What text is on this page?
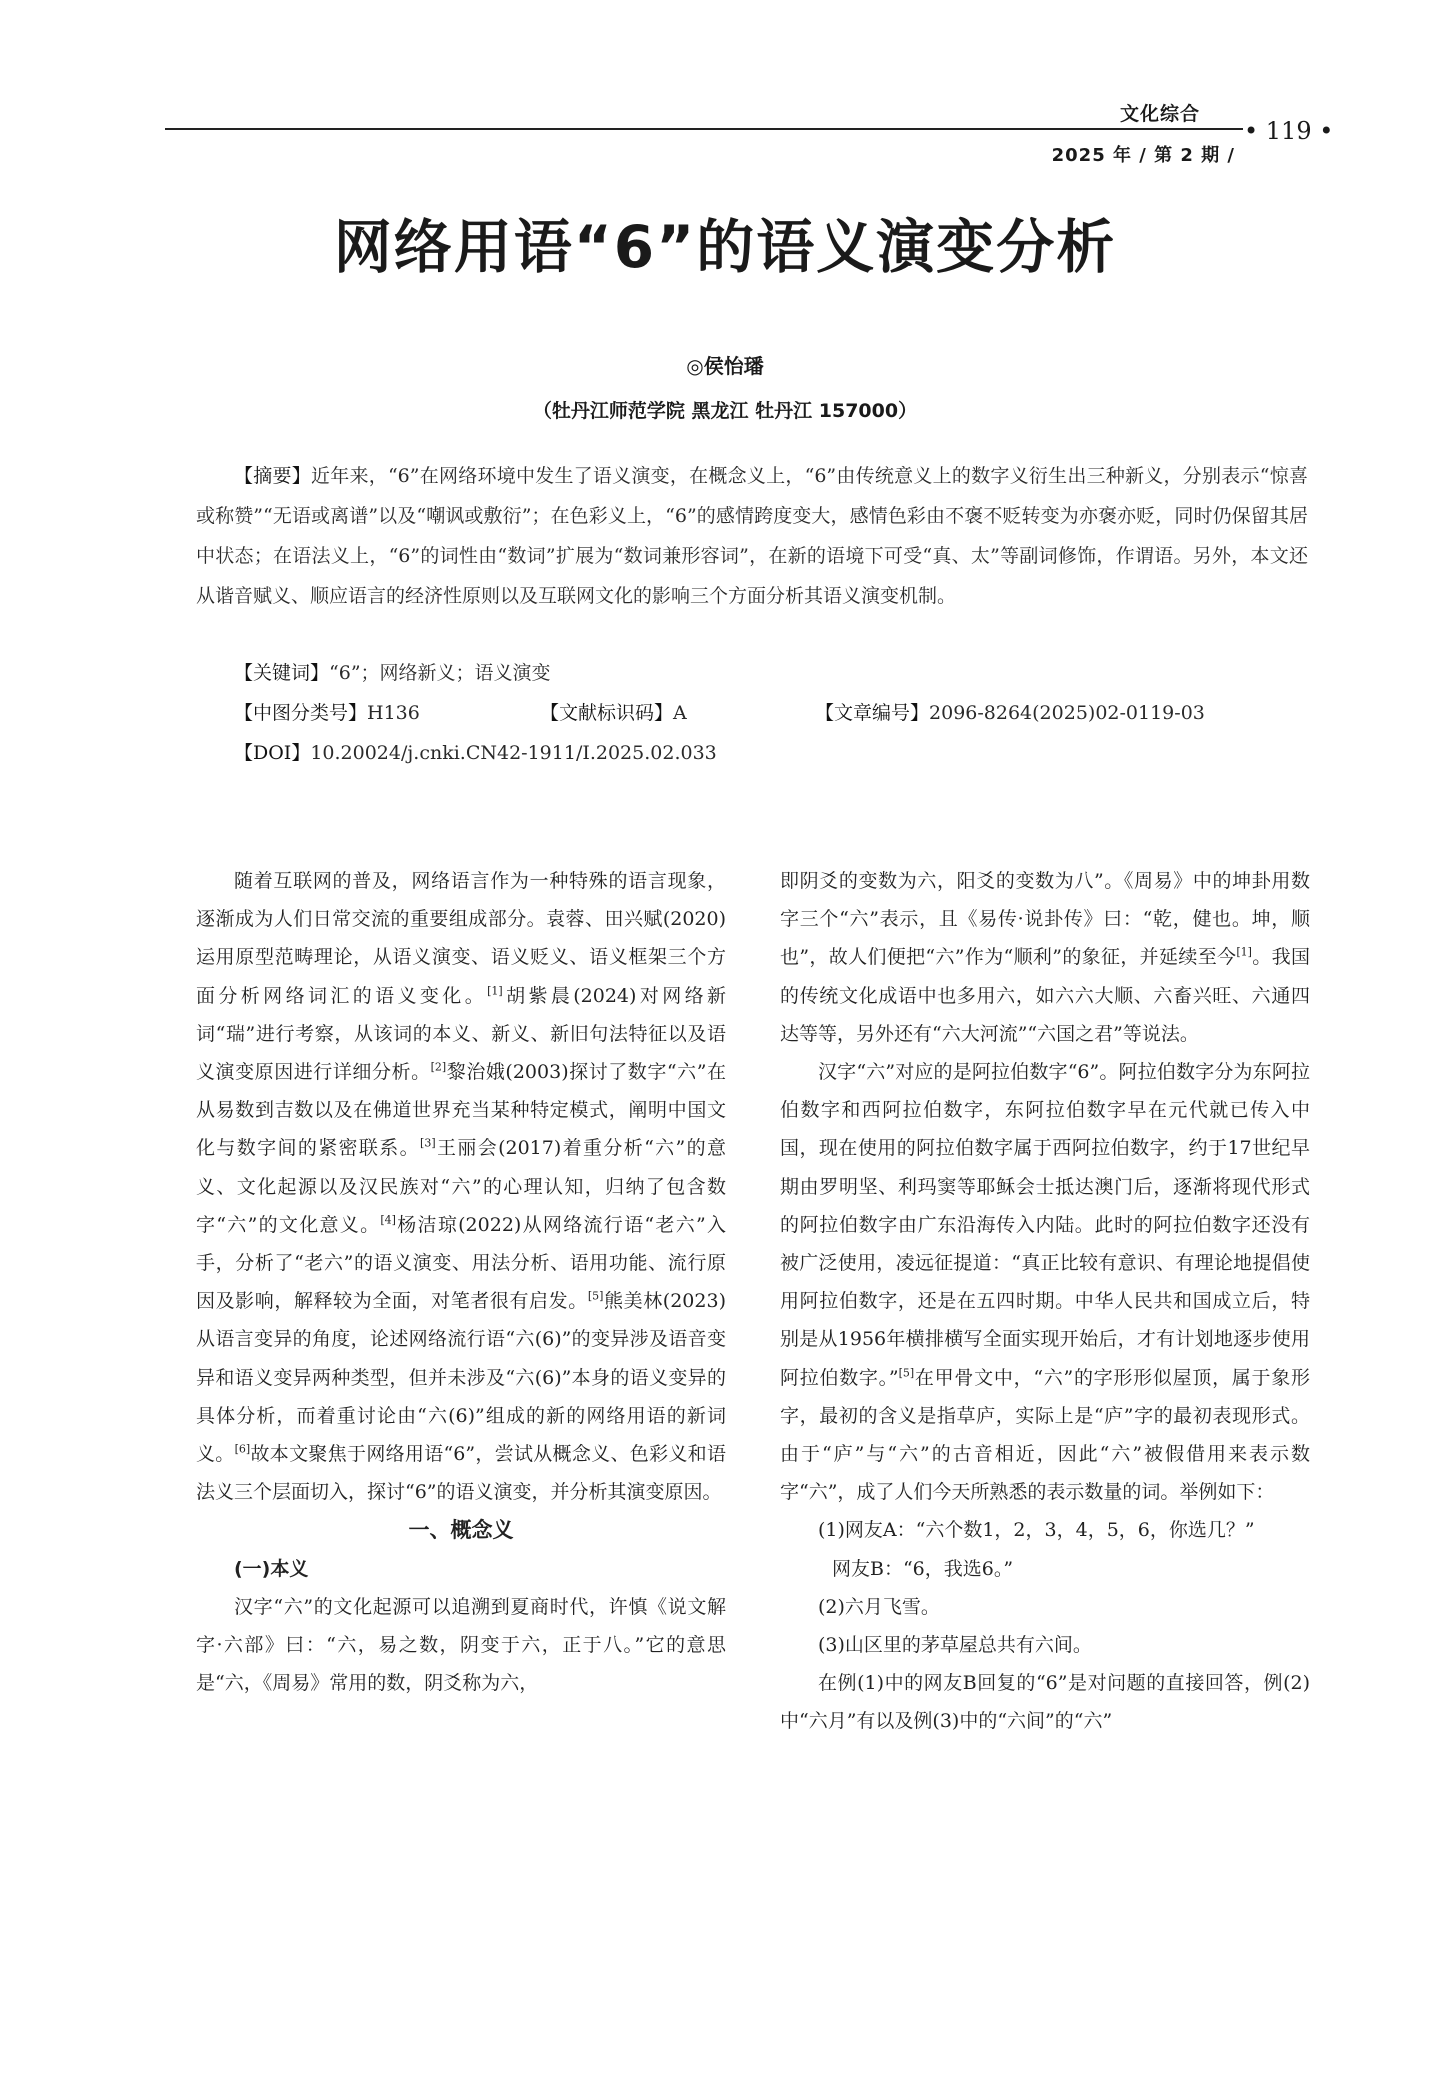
文化综合
• 119 •
2025 年 / 第 2 期 /
网络用语“6”的语义演变分析
◎侯怡璠
（牡丹江师范学院 黑龙江 牡丹江 157000）
【摘要】近年来，“6”在网络环境中发生了语义演变，在概念义上，“6”由传统意义上的数字义衍生出三种新义，分别表示“惊喜或称赞”“无语或离谱”以及“嘲讽或敷衍”；在色彩义上，“6”的感情跨度变大，感情色彩由不褒不贬转变为亦褒亦贬，同时仍保留其居中状态；在语法义上，“6”的词性由“数词”扩展为“数词兼形容词”，在新的语境下可受“真、太”等副词修饰，作谓语。另外，本文还从谐音赋义、顺应语言的经济性原则以及互联网文化的影响三个方面分析其语义演变机制。
【关键词】“6”；网络新义；语义演变
【中图分类号】H136	【文献标识码】A	【文章编号】2096-8264(2025)02-0119-03
【DOI】10.20024/j.cnki.CN42-1911/I.2025.02.033

随着互联网的普及，网络语言作为一种特殊的语言现象，逐渐成为人们日常交流的重要组成部分。袁蓉、田兴赋(2020)运用原型范畴理论，从语义演变、语义贬义、语义框架三个方面分析网络词汇的语义变化。[1]胡紫晨(2024)对网络新词“瑞”进行考察，从该词的本义、新义、新旧句法特征以及语义演变原因进行详细分析。[2]黎治娥(2003)探讨了数字“六”在从易数到吉数以及在佛道世界充当某种特定模式，阐明中国文化与数字间的紧密联系。[3]王丽会(2017)着重分析“六”的意义、文化起源以及汉民族对“六”的心理认知，归纳了包含数字“六”的文化意义。[4]杨洁琼(2022)从网络流行语“老六”入手，分析了“老六”的语义演变、用法分析、语用功能、流行原因及影响，解释较为全面，对笔者很有启发。[5]熊美林(2023)从语言变异的角度，论述网络流行语“六(6)”的变异涉及语音变异和语义变异两种类型，但并未涉及“六(6)”本身的语义变异的具体分析，而着重讨论由“六(6)”组成的新的网络用语的新词义。[6]故本文聚焦于网络用语“6”，尝试从概念义、色彩义和语法义三个层面切入，探讨“6”的语义演变，并分析其演变原因。

一、概念义

(一)本义

汉字“六”的文化起源可以追溯到夏商时代，许慎《说文解字·六部》曰：“六，易之数，阴变于六，正于八。”它的意思是“六，《周易》常用的数，阴爻称为六，

即阴爻的变数为六，阳爻的变数为八”。《周易》中的坤卦用数字三个“六”表示，且《易传·说卦传》曰：“乾，健也。坤，顺也”，故人们便把“六”作为“顺利”的象征，并延续至今[1]。我国的传统文化成语中也多用六，如六六大顺、六畜兴旺、六通四达等等，另外还有“六大河流”“六国之君”等说法。

汉字“六”对应的是阿拉伯数字“6”。阿拉伯数字分为东阿拉伯数字和西阿拉伯数字，东阿拉伯数字早在元代就已传入中国，现在使用的阿拉伯数字属于西阿拉伯数字，约于17世纪早期由罗明坚、利玛窦等耶稣会士抵达澳门后，逐渐将现代形式的阿拉伯数字由广东沿海传入内陆。此时的阿拉伯数字还没有被广泛使用，凌远征提道：“真正比较有意识、有理论地提倡使用阿拉伯数字，还是在五四时期。中华人民共和国成立后，特别是从1956年横排横写全面实现开始后，才有计划地逐步使用阿拉伯数字。”[5]在甲骨文中，“六”的字形形似屋顶，属于象形字，最初的含义是指草庐，实际上是“庐”字的最初表现形式。由于“庐”与“六”的古音相近，因此“六”被假借用来表示数字“六”，成了人们今天所熟悉的表示数量的词。举例如下：

(1)网友A：“六个数1，2，3，4，5，6，你选几？”

网友B：“6，我选6。”

(2)六月飞雪。

(3)山区里的茅草屋总共有六间。

在例(1)中的网友B回复的“6”是对问题的直接回答，例(2)中“六月”有以及例(3)中的“六间”的“六”
